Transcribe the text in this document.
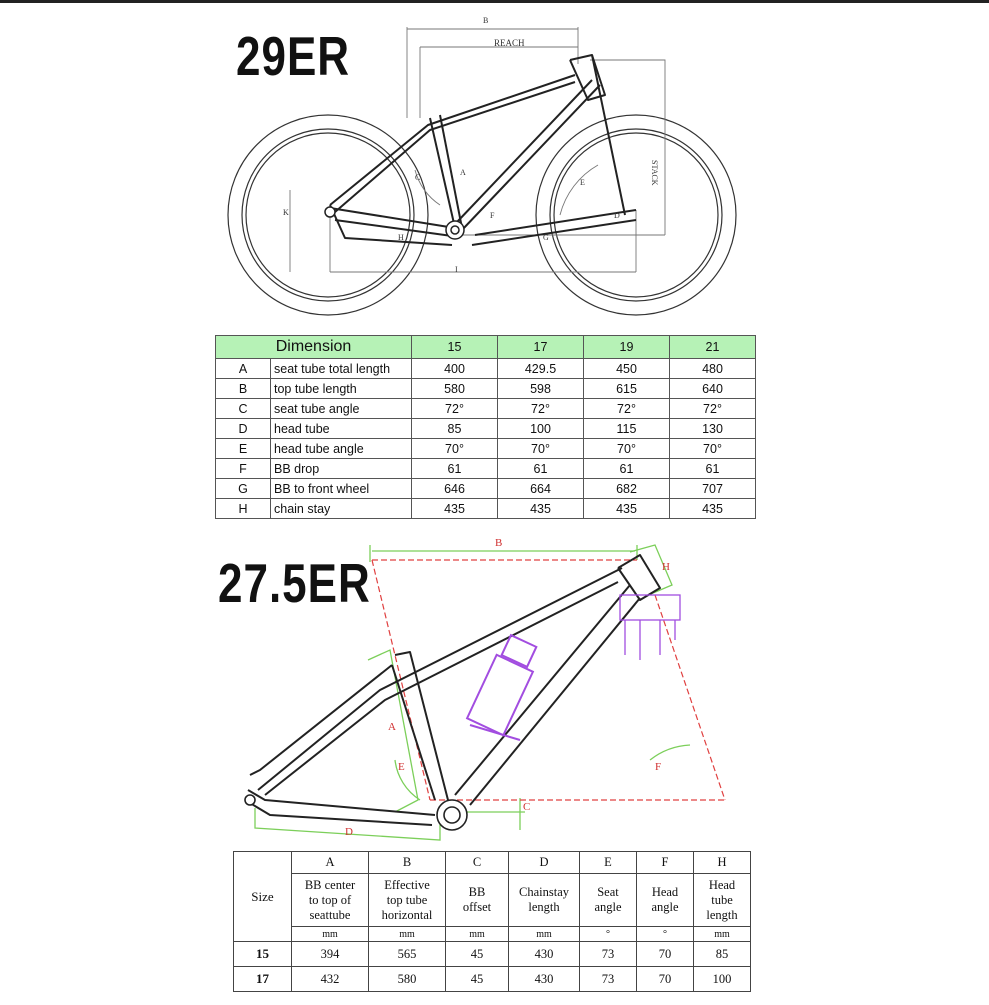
29ER
27.5ER
B
REACH
STACK
A
C
D
E
F
G
H
I
K
Dimension		15	17	19	21
A	seat tube total length	400	429.5	450	480
B	top tube length	580	598	615	640
C	seat tube angle	72°	72°	72°	72°
D	head tube	85	100	115	130
E	head tube angle	70°	70°	70°	70°
F	BB drop	61	61	61	61
G	BB to front wheel	646	664	682	707
H	chain stay	435	435	435	435
B
H
A
E	F
C
D
Size	A	B	C	D	E	F	H
	BB center
to top of
seattube	Effective
top tube
horizontal	BB
offset	Chainstay
length	Seat
angle	Head
angle	Head
tube
length
	mm	mm	mm	mm	°	°	mm
15	394	565	45	430	73	70	85
17	432	580	45	430	73	70	100
